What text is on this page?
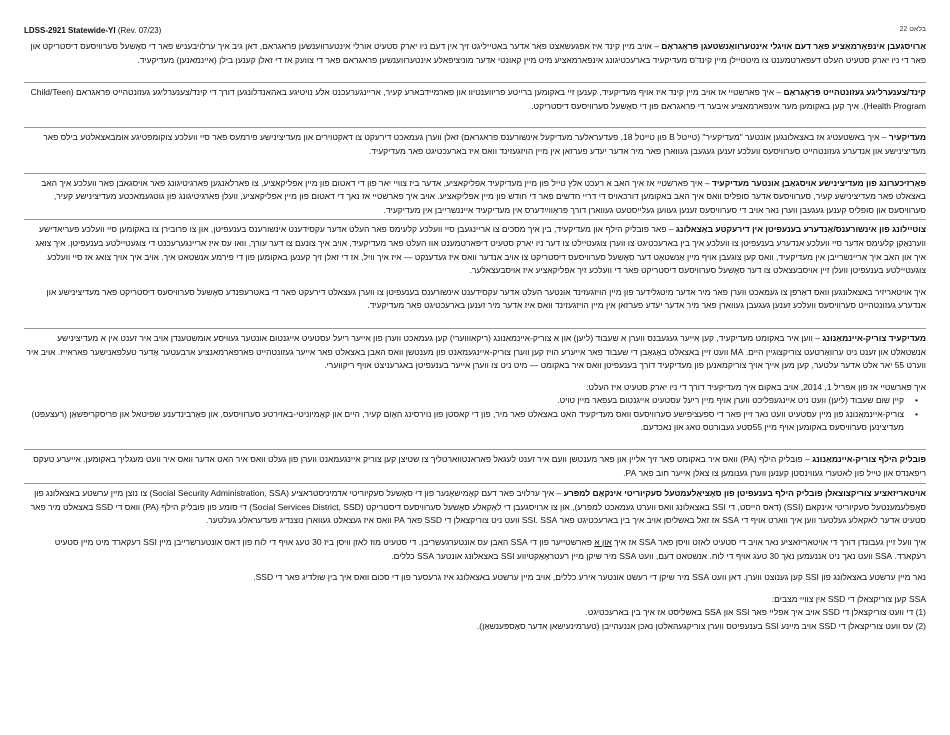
LDSS-2921 Statewide-YI (Rev. 07/23)	בלאַט 22

אַרויסגעבן אינפאָרמאַציע פאַר דעם אויגלי אינטערוואַנשטעגן פּראָגראַם – אויב מיין קינד איז אפגעשאצט פאר אדער באטייליגט זיך אין דעם ניו יארק סטעיט אורלי אינטערווענשען פראגראם, דאן גיב איך ערלויבעניש פאר די סאָשעל סערוויסעס דיסטריקט און פאר די ניו יארק סטעיט העלט דעפארטמענט צו מיטטיילן מיין קינד'ס מעדיקעיד בארעכטיגונג אינפארמאציע מיט מיין קאונטי אדער מוניציפאלע אינטערווענשען פראגראם פאר די צוועק אז די זאלן קענען בילן (איינמאנען) מעדיקעיד.

קינד/צענערליגע געזונטהייט פּראָגראַם – איך פארשטיי אז אויב מיין קינד איז אויף מעדיקעיד, קענען זיי באקומען ברייטע פריווענטיוו און פארמיידבארע קעיר, אריינגערעכנט אלע נויטיגע באהאנדלונגען דורך די קינד/צענערליגע געזונטהייט פראגראם (Child/Teen Health Program). איך קען באקומען מער אינפארמאציע איבער די פראגראם פון די סאָשעל סערוויסעס דיסטריקט.

מעדיקעיר – איך באשטעטיג אז באצאלונגען אונטער "מעדיקעיר" (טייטל B פון טייטל 18, פעדעראלער מעדיקעל אינשורענס פראגראם) זאלן ווערן געמאכט דירעקט צו דאקטוירים און מעדיצינישע פירמעס פאר סיי וועלכע צוקומפטיגע אומבאצאלטע בילס פאר מעדיצינישע און אנדערע געזונטהייט סערוויסעס וועלכע זענען געגעבן געווארן פאר מיר אדער יעדע פערזאן אין מיין הויזגעזינד וואס איז בארעכטיגט פאר מעדיקעיד.

פאַרזיכערונג פון מעדיצינישע אויסגאַבן אונטער מעדיקעיד – איך פארשטיי אז איך האב א רעכט אלץ טייל פון מיין מעדיקעיד אפליקאציע, אדער ביז צוויי יאר פון די דאטום פון מיין אפליקאציע, צו פארלאנגען פארגיטיגונג פאר אויסגאבן פאר וועלכע איך האב באצאלט פאר מעדיצינישע קעיר, סערוויסעס אדער סופליס וואס איך האב באקומען דורכאויס די דריי חדשים פאר די חודש פון מיין אפליקאציע. אויב איך פארשטיי אז נאך די דאטום פון מיין אפליקאציע, וועלן פארגיטיגונג פון גוטגעמאכטע מעדיצינישע קעיר, סערוויסעס און סופליס קענען געגעבן ווערן נאר אויב די סערוויסעס זענען געווען געלייסטעט געווארן דורך פּראָווײַדערס אין מעדיקעיד אייננשרייבן אין מעדיקעיד.

צוטיילונג פון אינשורענס/אַנדערע בענעפיטן אין דירעקטע באַצאלונג – פאר פובליק הילף און מעדיקעיד, בין איך מסכים צו אריינגעבן סיי וועלכע קלעימס פאר העלט אדער עקסידענט אינשורענס בענעפיטן, און צו פרובירן צו באקומען סיי וועלכע פעריאדישע ווערנאַקן קלעימס אדער סיי וועלכע אנדערע בענעפיטן צו וועלכע איך בין בארעכטיגט צו ווערן צוגעטיילט צו דער ניו יארק סטעיט דיפארטמענט אוו העלט פאר מעדיקעיד, אויב איך צונעם צו דער עורך, וואו עס איז אריינגערעכנט די צוגעטיילטע בענעפיטן. איך צואג איך און האב איך אריינשרייבן אין מעדיקעיד, וואס קען צוגעבן אויף מיין אַנשטאָט דער סאָשעל סערוויסעס דיסטריקט צו אויב אנדער וואס איז געדענקט — איז איך וויל, אז די זאלן זיך קענען באקומען פון די פירמע אנשטאט איך. אויב איך אויך צואג אז סיי וועלכע צוגעטיילטע בענעפיטן וועלן זיין אויסבעצאלט צו דער סאָשעל סערוויסעס דיסטריקט פאר די וועלכע זיך אפליקאציע איז אויסבעצאלער.

איך אויטאריזיר באצאלונגען וואס דאַרפן צו געמאכט ווערן פאר מיר אדער מיטגלידער פון מיין הויזגעזינד אונטער העלט אדער עקסידענט אינשורענס בענעפיטן צו ווערן געצאלט דירעקט פאר די באטרעפנדע סאָשעל סערוויסעס דיסטריקט פאר מעדיצינישע און אנדערע געזונטהייט סערוויסעס וועלכע זענען געגעבן געווארן פאר מיר אדער יעדע פערזאן אין מיין הויזגעזינד וואס איז אדער מיר זענען בארעכטיגט פאר מעדיקעיד.

מעדיקעיד צוריק-איינמאַנונג – ווען איר באקומט מעדיקעיד, קען אייער געגעבנס ווערן א שעבוד (ליען) און א צוריק-איינמאנונג (ריקאוווערי) קען געמאכט ווערן פון אייער ריעל עסטעיט אייגנטום אונטער געוויסע אומשטענדן אויב איר זענט אין א מעדיצינישע אנשטאלט און זענט ניט ערוואַרטעט צוריקצוגיין היים. MA וועט זיין באצאלט באַגאַבן די שעבוד פאר אייערע הויז קען ווערן צוריק-איינגעמאנט פון מענטשן וואס האבן באצאלט פאר אייער געזונטהייט פארפארמאנציע ארבעטער אָדער טעלפאנישער פאראייז. אויב איר ווערט 55 יאר אלט אדער עלטער, קען מען אייך אויך צוריקמאנען פון מעדיקעיד דורך בענעפיטן וואס איר באקומט — מיט ניט צו ווערן אייער בענעפיטן באגרעניצט אויף ריקווערי.

איך פארשטיי אז פון אפריל 1, 2014, אויב באקום איך מעדיקעיד דורך די ניו יארק סטעיט איז העלט:

• קיין שום שעבוד (ליען) וועט ניט איינגעפליכט ווערן אויף מיין ריעל עסטעיט אייגנטום בעפאר מיין טויט.
• צוריק-איינמאַנונג פון מיין עסטעיט וועט נאר זיין פאר די ספעציפישע סערוויסעס וואס מעדיקעיד האט באצאלט פאר מיר, פון די קאסטן פון נוירסינג האָום קעיר, היים און קאָמיוניטי-באזירטע סערוויסעס, און פאַרבינדענע שפיטאל און פריסקריפּשאַן (רעצעפּט) מעדיצינען סערוויסעס באקומען אויף מיין 55סטע געבורטס טאג און נאכדעם.

פובליק הילף צוריק-איינמאַנונג – פובליק הילף (PA) וואס איר באקומט פאר זיך אליין און פאר מענטשן וועם איר זענט לעגאל פאראנטווארטליך צו שטיצן קען צוריק איינגעמאנט ווערן פון געלט וואס איר האט אדער וואס איר וועט מעגליך באקומען. אייערע טעקס ריפאנדס און טייל פון לאטערי געווינסטן קענען ווערן גענומען צו צאלן אייער חוב פאר PA.

אויטאריזאציע צוריקצוצאלן פובליק הילף בענעפיטן פון סאָציאַלעמטעל סעקיוריטי אינקאַם למפּרע – איך ערלויב פאר דעם קאָמישאָנער פון די סאָשעל סעקיוריטי אדמיניסטראציע (Social Security Administration, SSA) צו נוצן מיין ערשטע באצאלונג פון סאָפלעמענטעל סעקיוריטי אינקאם (SSI) (דאס הייסט, די SSI באצאלונג וואס ווערט געמאכט למפרע), און צו ארויסגעבן די לאָקאלע סאָשעל סערוויסעס דיסטריקט (Social Services District, SSD) די סומע פון פובליק הילף (PA) וואס די SSD באצאלט מיר פאר סטעיט אדער לאקאלע געלטער ווען איך ווארט אויף די SSA אז זאל באשליסן אויב איך בין בארעכטיגט פאר SSI. SSA וועט ניט צוריקצאלן די SSD פאר PA וואס איז געצאלט געווארן נוצנדיג פעדעראלע געלטער.

איך וועל זיין געבונדן דורך די אויטאריזאציע נאר אויב די סטעיט לאזט וויסן פאר SSA אז איך און א פארשטייער פון די SSA האבן עס אונטערגעשריבן. די סטעיט מוז לאזן וויסן ביז 30 טעג אויף די לוח פון דאס אונטערשרייבן מיין SSI רעקארד מיט מיין סטעיט רעקארד. SSA וועט נאך ניט אננעמען נאך 30 טעג אויף די לוח. אנשטאט דעם, וועט SSA מיר שיקן מיין רעטראָאַקטיווע SSI באצאלונג אונטער SSA כללים.

נאר מיין ערשטע באצאלונג פון SSI קען גענוצט ווערן. דאן וועט SSA מיר שיקן די רעשט אונטער אירע כללים, אויב מיין ערשטע באצאלונג איז גרעסער פון די סכום וואס איך בין שולדיג פאר די SSD.

SSA קען צוריקצאלן די SSD אין צוויי מצבים:

(1) די וועט צוריקצאלן די SSD אויב איך אפליי פאר SSI און SSA באשליסט אז איך בין בארעכטיגט.

(2) עס וועט צוריקצאלן די SSD אויב מיינע SSI בענעפיטס ווערן צוריקגעהאלטן נאכן אננעהייבן (טערמינעישאן אדער סאַספּענשאַן).
